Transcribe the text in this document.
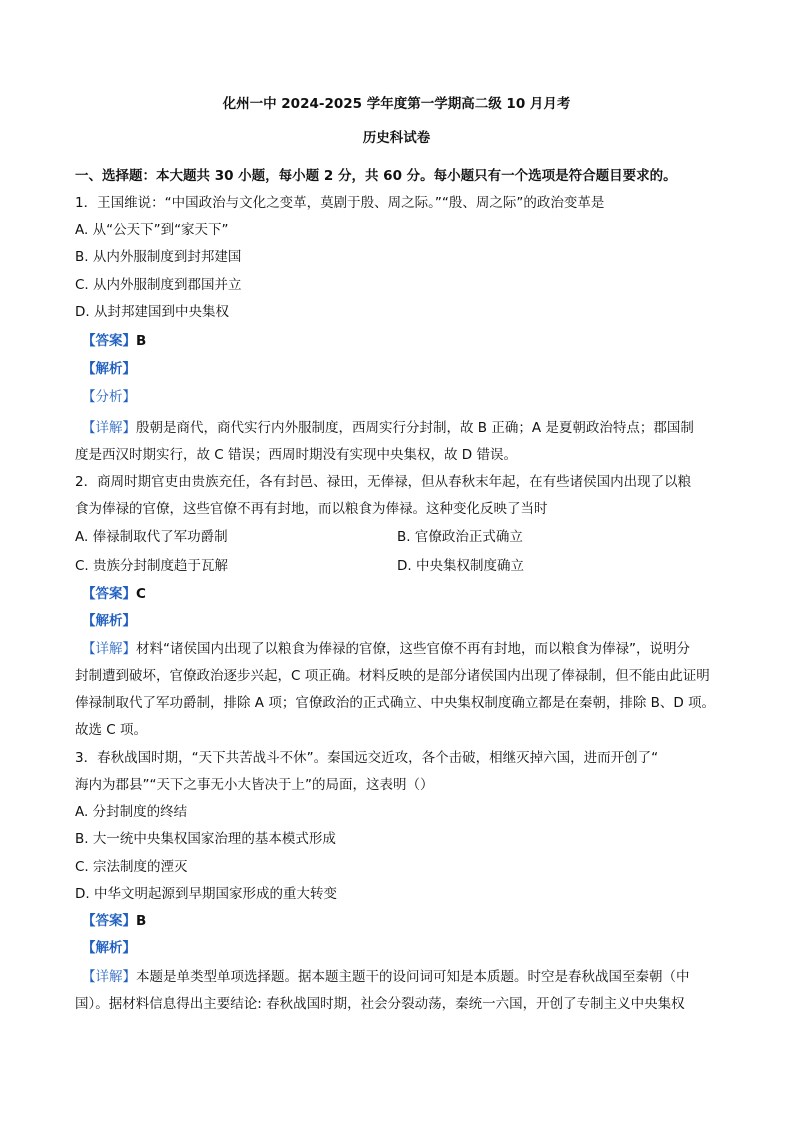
化州一中 2024-2025 学年度第一学期高二级 10 月月考
历史科试卷
一、选择题：本大题共 30 小题，每小题 2 分，共 60 分。每小题只有一个选项是符合题目要求的。
1．王国维说：“中国政治与文化之变革，莫剧于殷、周之际。”“殷、周之际”的政治变革是
A. 从“公天下”到“家天下”
B. 从内外服制度到封邦建国
C. 从内外服制度到郡国并立
D. 从封邦建国到中央集权
【答案】B
【解析】
【分析】
【详解】殷朝是商代，商代实行内外服制度，西周实行分封制，故 B 正确；A 是夏朝政治特点；郡国制
度是西汉时期实行，故 C 错误；西周时期没有实现中央集权，故 D 错误。
2．商周时期官吏由贵族充任，各有封邑、禄田，无俸禄，但从春秋末年起，在有些诸侯国内出现了以粮
食为俸禄的官僚，这些官僚不再有封地，而以粮食为俸禄。这种变化反映了当时
A. 俸禄制取代了军功爵制	B. 官僚政治正式确立
C. 贵族分封制度趋于瓦解	D. 中央集权制度确立
【答案】C
【解析】
【详解】材料“诸侯国内出现了以粮食为俸禄的官僚，这些官僚不再有封地，而以粮食为俸禄”，说明分
封制遭到破坏，官僚政治逐步兴起，C 项正确。材料反映的是部分诸侯国内出现了俸禄制，但不能由此证明
俸禄制取代了军功爵制，排除 A 项；官僚政治的正式确立、中央集权制度确立都是在秦朝，排除 B、D 项。
故选 C 项。
3．春秋战国时期，“天下共苦战斗不休”。秦国远交近攻，各个击破，相继灭掉六国，进而开创了“
海内为郡县”“天下之事无小大皆决于上”的局面，这表明（）
A. 分封制度的终结
B. 大一统中央集权国家治理的基本模式形成
C. 宗法制度的湮灭
D. 中华文明起源到早期国家形成的重大转变
【答案】B
【解析】
【详解】本题是单类型单项选择题。据本题主题干的设问词可知是本质题。时空是春秋战国至秦朝（中
国）。据材料信息得出主要结论: 春秋战国时期，社会分裂动荡，秦统一六国，开创了专制主义中央集权
